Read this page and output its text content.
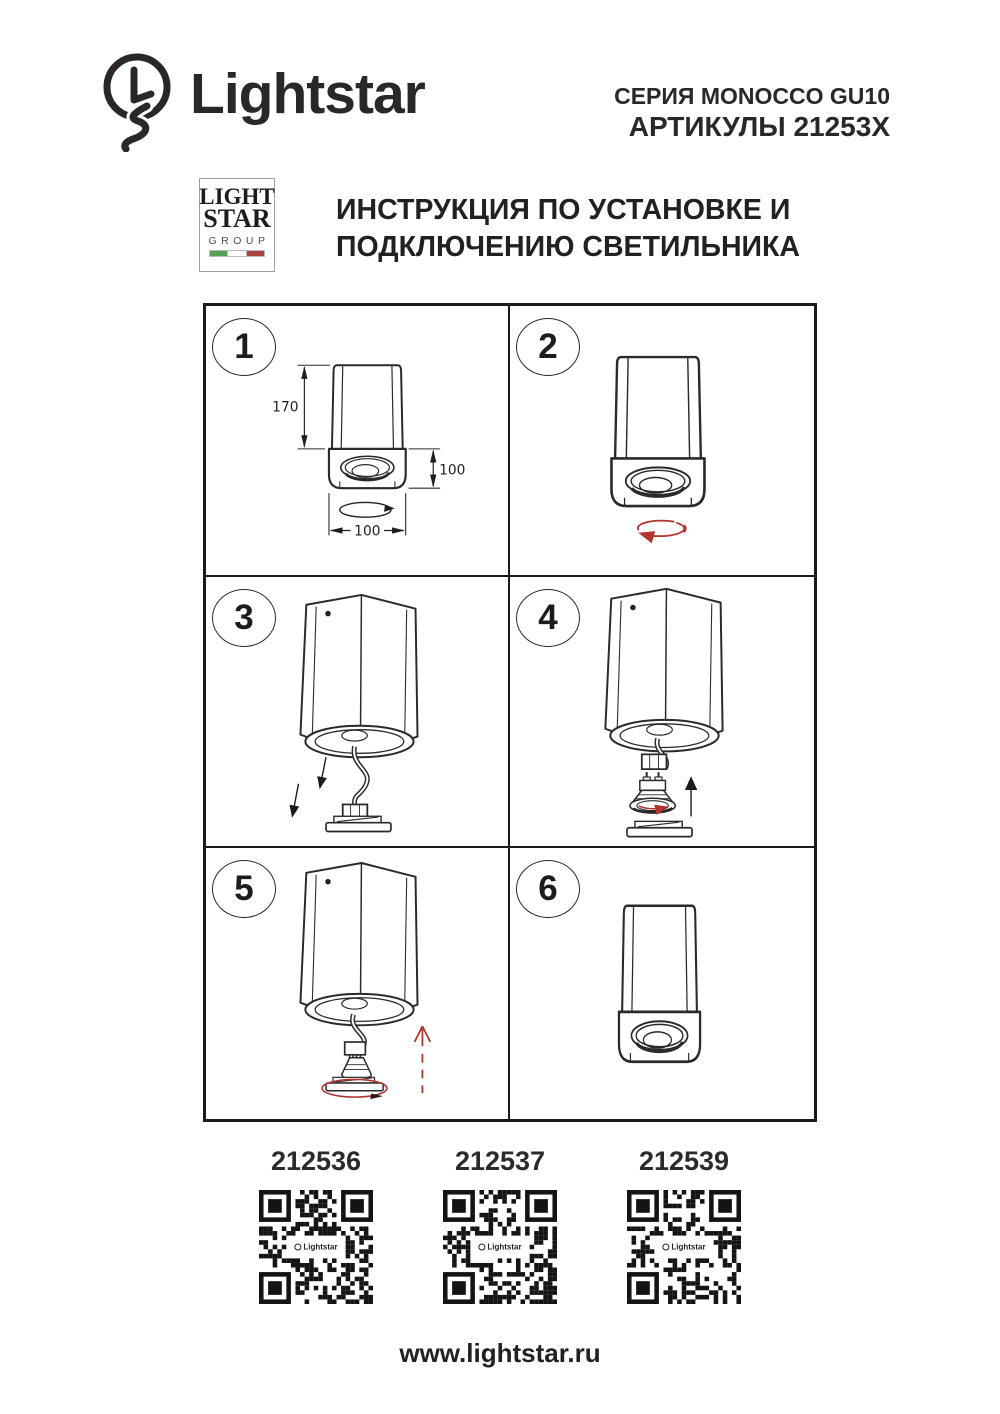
Lightstar	СЕРИЯ MONOCCO GU10
АРТИКУЛЫ 21253X
LIGHT
STAR
GROUP
ИНСТРУКЦИЯ ПО УСТАНОВКЕ И
ПОДКЛЮЧЕНИЮ СВЕТИЛЬНИКА
1
170
100
100
2
3	4
5	6
212536
Lightstar
212537
Lightstar
212539
Lightstar
www.lightstar.ru
